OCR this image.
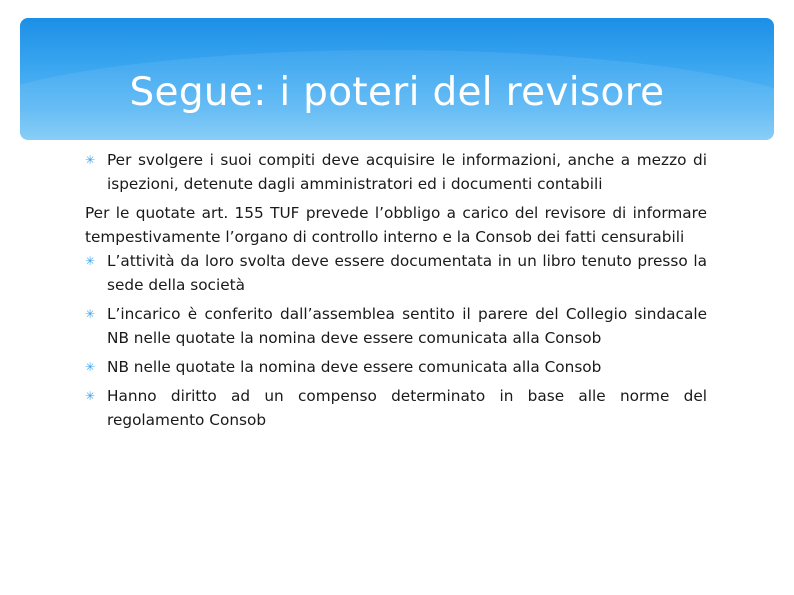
Segue: i poteri del revisore

✳ Per svolgere i suoi compiti deve acquisire le informazioni, anche a mezzo di ispezioni, detenute dagli amministratori ed i documenti contabili

Per le quotate art. 155 TUF prevede l’obbligo a carico del revisore di informare tempestivamente l’organo di controllo interno e la Consob dei fatti censurabili

✳ L’attività da loro svolta deve essere documentata in un libro tenuto presso la sede della società

✳ L’incarico è conferito dall’assemblea sentito il parere del Collegio sindacale NB nelle quotate la nomina deve essere comunicata alla Consob

✳ NB nelle quotate la nomina deve essere comunicata alla Consob

✳ Hanno diritto ad un compenso determinato in base alle norme del regolamento Consob
